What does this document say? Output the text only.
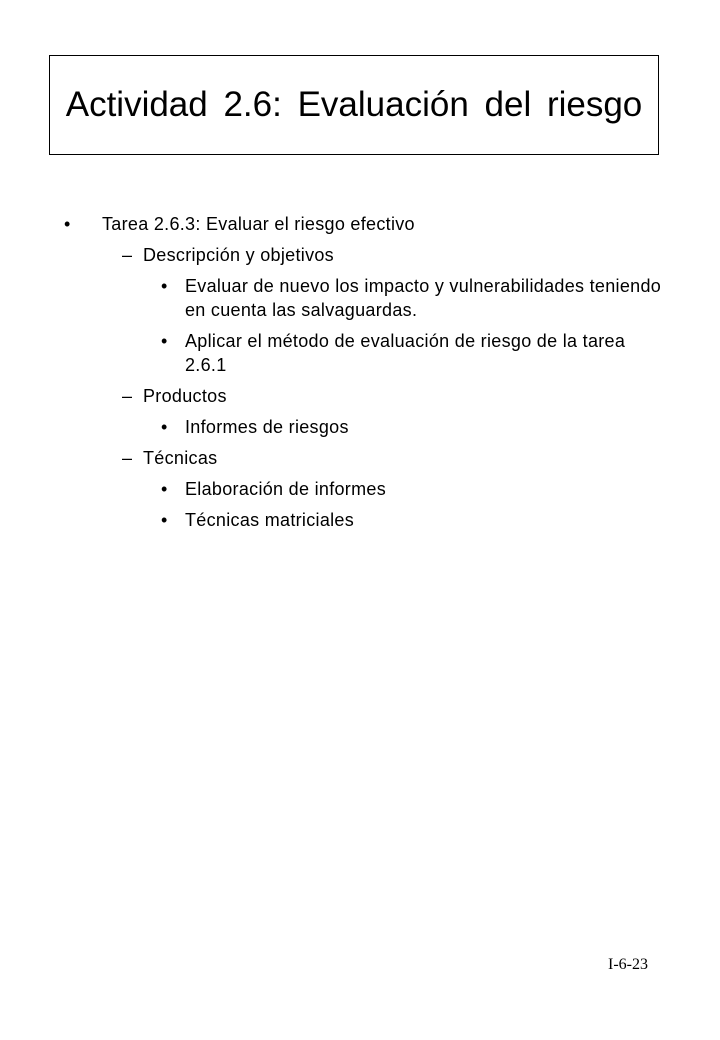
Actividad 2.6: Evaluación del riesgo
• Tarea 2.6.3: Evaluar el riesgo efectivo
– Descripción y objetivos
• Evaluar de nuevo los impacto y vulnerabilidades teniendo en cuenta las salvaguardas.
• Aplicar el método de evaluación de riesgo de la tarea 2.6.1
– Productos
• Informes de riesgos
– Técnicas
• Elaboración de informes
• Técnicas matriciales
I-6-23
